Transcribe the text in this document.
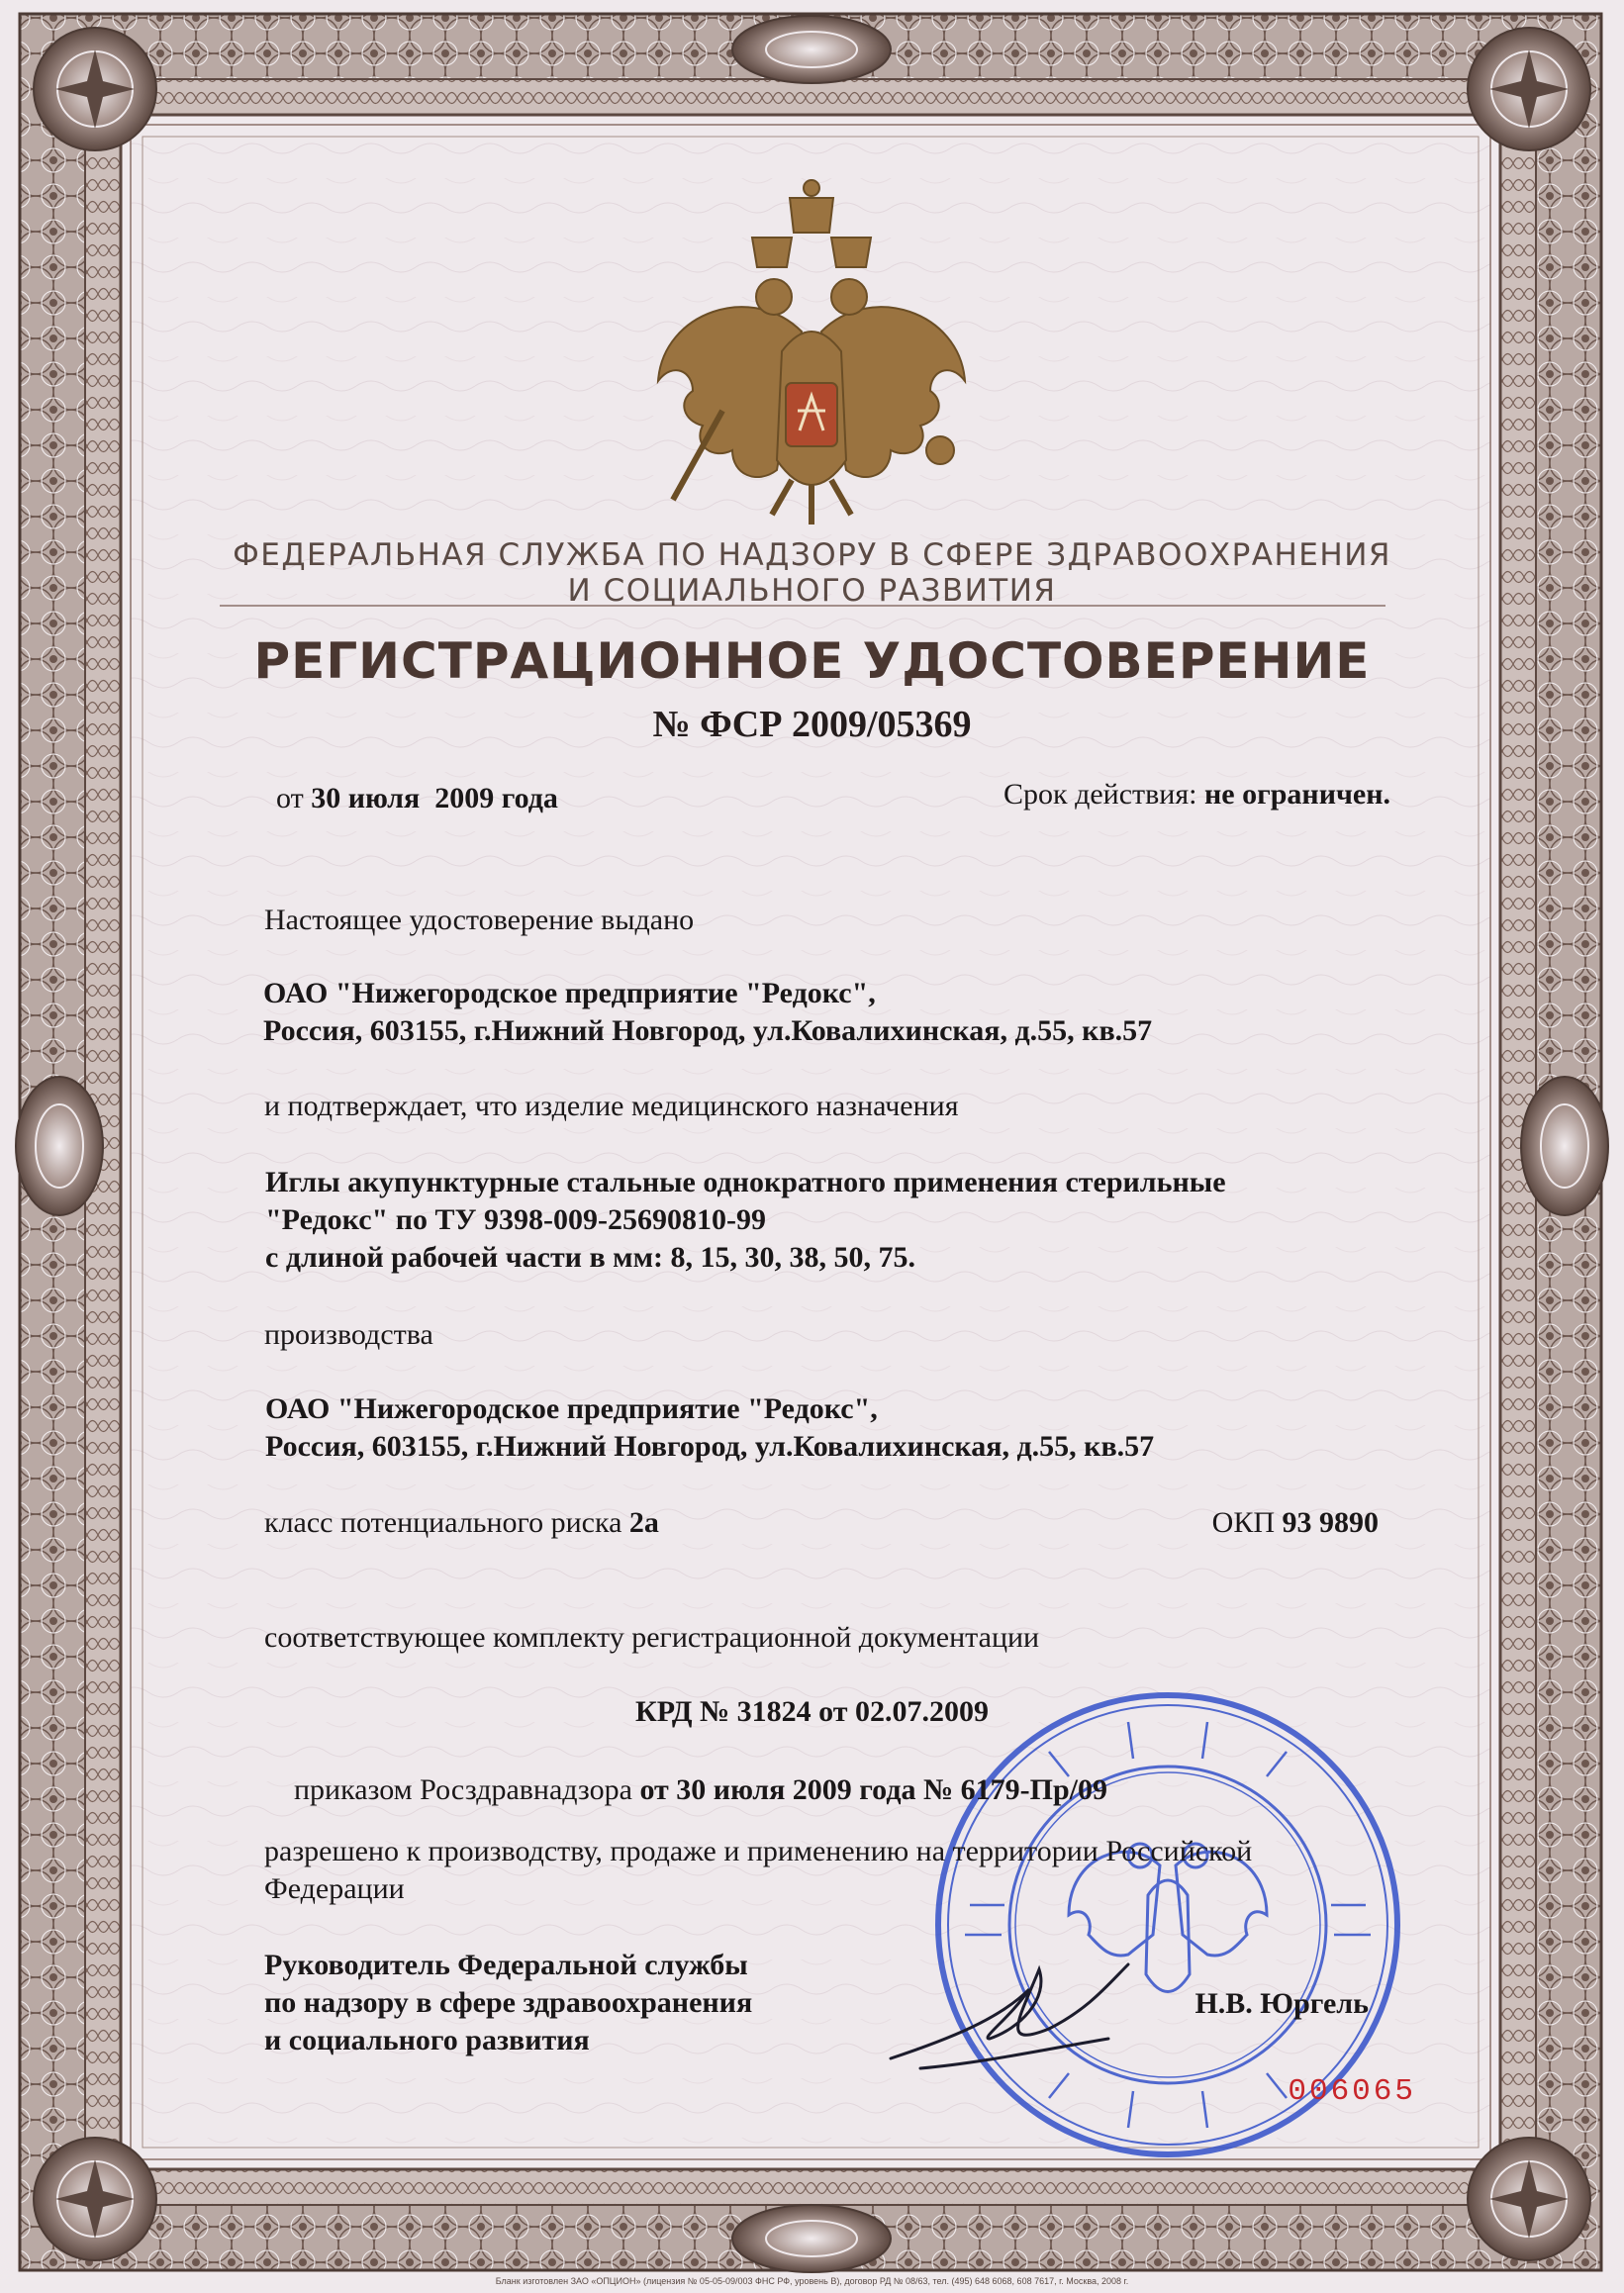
ФЕДЕРАЛЬНАЯ СЛУЖБА ПО НАДЗОРУ В СФЕРЕ ЗДРАВООХРАНЕНИЯ

И СОЦИАЛЬНОГО РАЗВИТИЯ

РЕГИСТРАЦИОННОЕ УДОСТОВЕРЕНИЕ

№ ФСР 2009/05369

от 30 июля  2009 года	Срок действия: не ограничен.

Настоящее удостоверение выдано

ОАО "Нижегородское предприятие "Редокс",

Россия, 603155, г.Нижний Новгород, ул.Ковалихинская, д.55, кв.57

и подтверждает, что изделие медицинского назначения

Иглы акупунктурные стальные однократного применения стерильные

"Редокс" по ТУ 9398-009-25690810-99

с длиной рабочей части в мм: 8, 15, 30, 38, 50, 75.

производства

ОАО "Нижегородское предприятие "Редокс",

Россия, 603155, г.Нижний Новгород, ул.Ковалихинская, д.55, кв.57

класс потенциального риска 2а	ОКП 93 9890

соответствующее комплекту регистрационной документации

КРД № 31824 от 02.07.2009

приказом Росздравнадзора от 30 июля 2009 года № 6179-Пр/09

разрешено к производству, продаже и применению на территории Российской

Федерации

Руководитель Федеральной службы

по надзору в сфере здравоохранения

и социального развития

Н.В. Юргель

006065

Бланк изготовлен ЗАО «ОПЦИОН» (лицензия № 05-05-09/003 ФНС РФ, уровень В), договор РД № 08/63, тел. (495) 648 6068, 608 7617, г. Москва, 2008 г.
